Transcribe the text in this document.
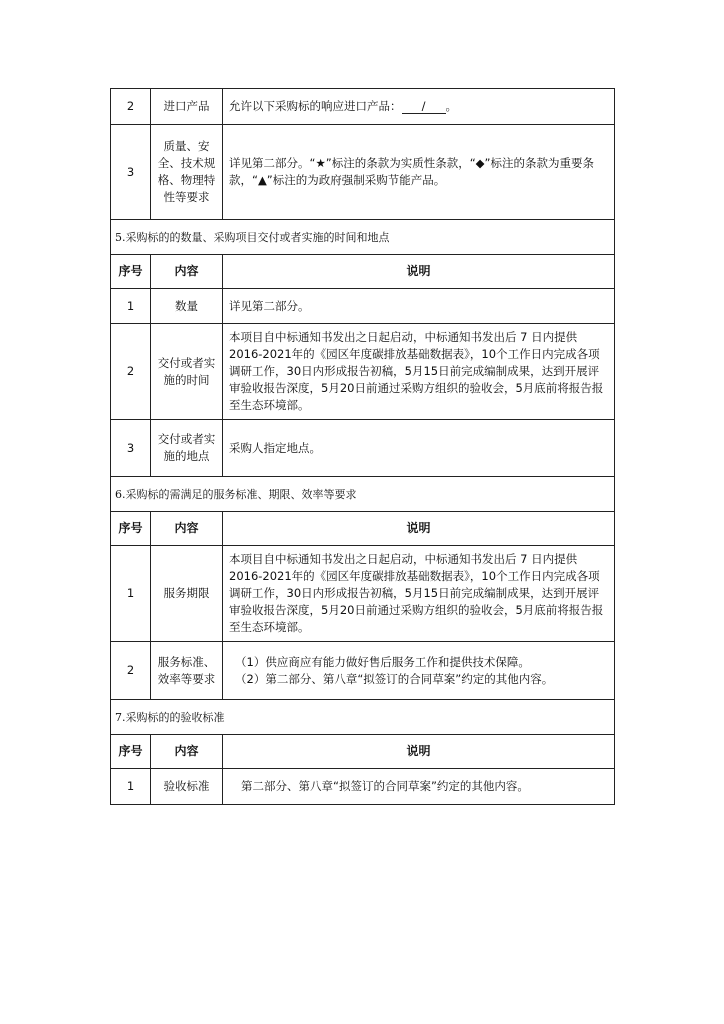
2	进口产品	允许以下采购标的响应进口产品： / 。
3	质量、安全、技术规格、物理特性等要求	详见第二部分。“★”标注的条款为实质性条款，“◆”标注的条款为重要条款，“▲”标注的为政府强制采购节能产品。
5.采购标的的数量、采购项目交付或者实施的时间和地点		
序号	内容	说明
1	数量	详见第二部分。
2	交付或者实施的时间	本项目自中标通知书发出之日起启动，中标通知书发出后 7 日内提供2016-2021年的《园区年度碳排放基础数据表》，10个工作日内完成各项调研工作，30日内形成报告初稿，5月15日前完成编制成果，达到开展评审验收报告深度，5月20日前通过采购方组织的验收会，5月底前将报告报至生态环境部。
3	交付或者实施的地点	采购人指定地点。
6.采购标的需满足的服务标准、期限、效率等要求		
序号	内容	说明
1	服务期限	本项目自中标通知书发出之日起启动，中标通知书发出后 7 日内提供2016-2021年的《园区年度碳排放基础数据表》，10个工作日内完成各项调研工作，30日内形成报告初稿，5月15日前完成编制成果，达到开展评审验收报告深度，5月20日前通过采购方组织的验收会，5月底前将报告报至生态环境部。
2	服务标准、效率等要求	（1）供应商应有能力做好售后服务工作和提供技术保障。
（2）第二部分、第八章“拟签订的合同草案”约定的其他内容。

7.采购标的的验收标准		
序号	内容	说明
1	验收标准	第二部分、第八章“拟签订的合同草案”约定的其他内容。
